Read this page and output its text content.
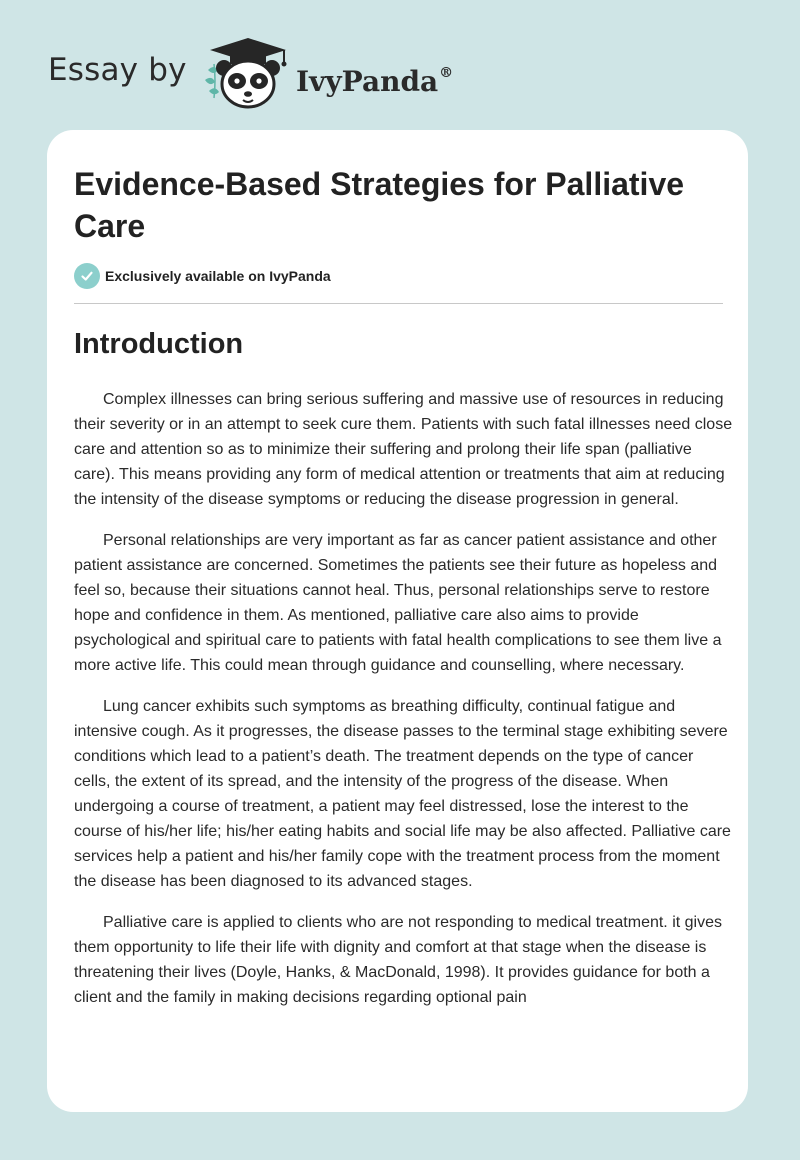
Essay by	IvyPanda®
Evidence-Based Strategies for Palliative Care
Exclusively available on IvyPanda
Introduction

Complex illnesses can bring serious suffering and massive use of resources in reducing their severity or in an attempt to seek cure them. Patients with such fatal illnesses need close care and attention so as to minimize their suffering and prolong their life span (palliative care). This means providing any form of medical attention or treatments that aim at reducing the intensity of the disease symptoms or reducing the disease progression in general.

Personal relationships are very important as far as cancer patient assistance and other patient assistance are concerned. Sometimes the patients see their future as hopeless and feel so, because their situations cannot heal. Thus, personal relationships serve to restore hope and confidence in them. As mentioned, palliative care also aims to provide psychological and spiritual care to patients with fatal health complications to see them live a more active life. This could mean through guidance and counselling, where necessary.

Lung cancer exhibits such symptoms as breathing difficulty, continual fatigue and intensive cough. As it progresses, the disease passes to the terminal stage exhibiting severe conditions which lead to a patient’s death. The treatment depends on the type of cancer cells, the extent of its spread, and the intensity of the progress of the disease. When undergoing a course of treatment, a patient may feel distressed, lose the interest to the course of his/her life; his/her eating habits and social life may be also affected. Palliative care services help a patient and his/her family cope with the treatment process from the moment the disease has been diagnosed to its advanced stages.

Palliative care is applied to clients who are not responding to medical treatment. it gives them opportunity to life their life with dignity and comfort at that stage when the disease is threatening their lives (Doyle, Hanks, & MacDonald, 1998). It provides guidance for both a client and the family in making decisions regarding optional pain
